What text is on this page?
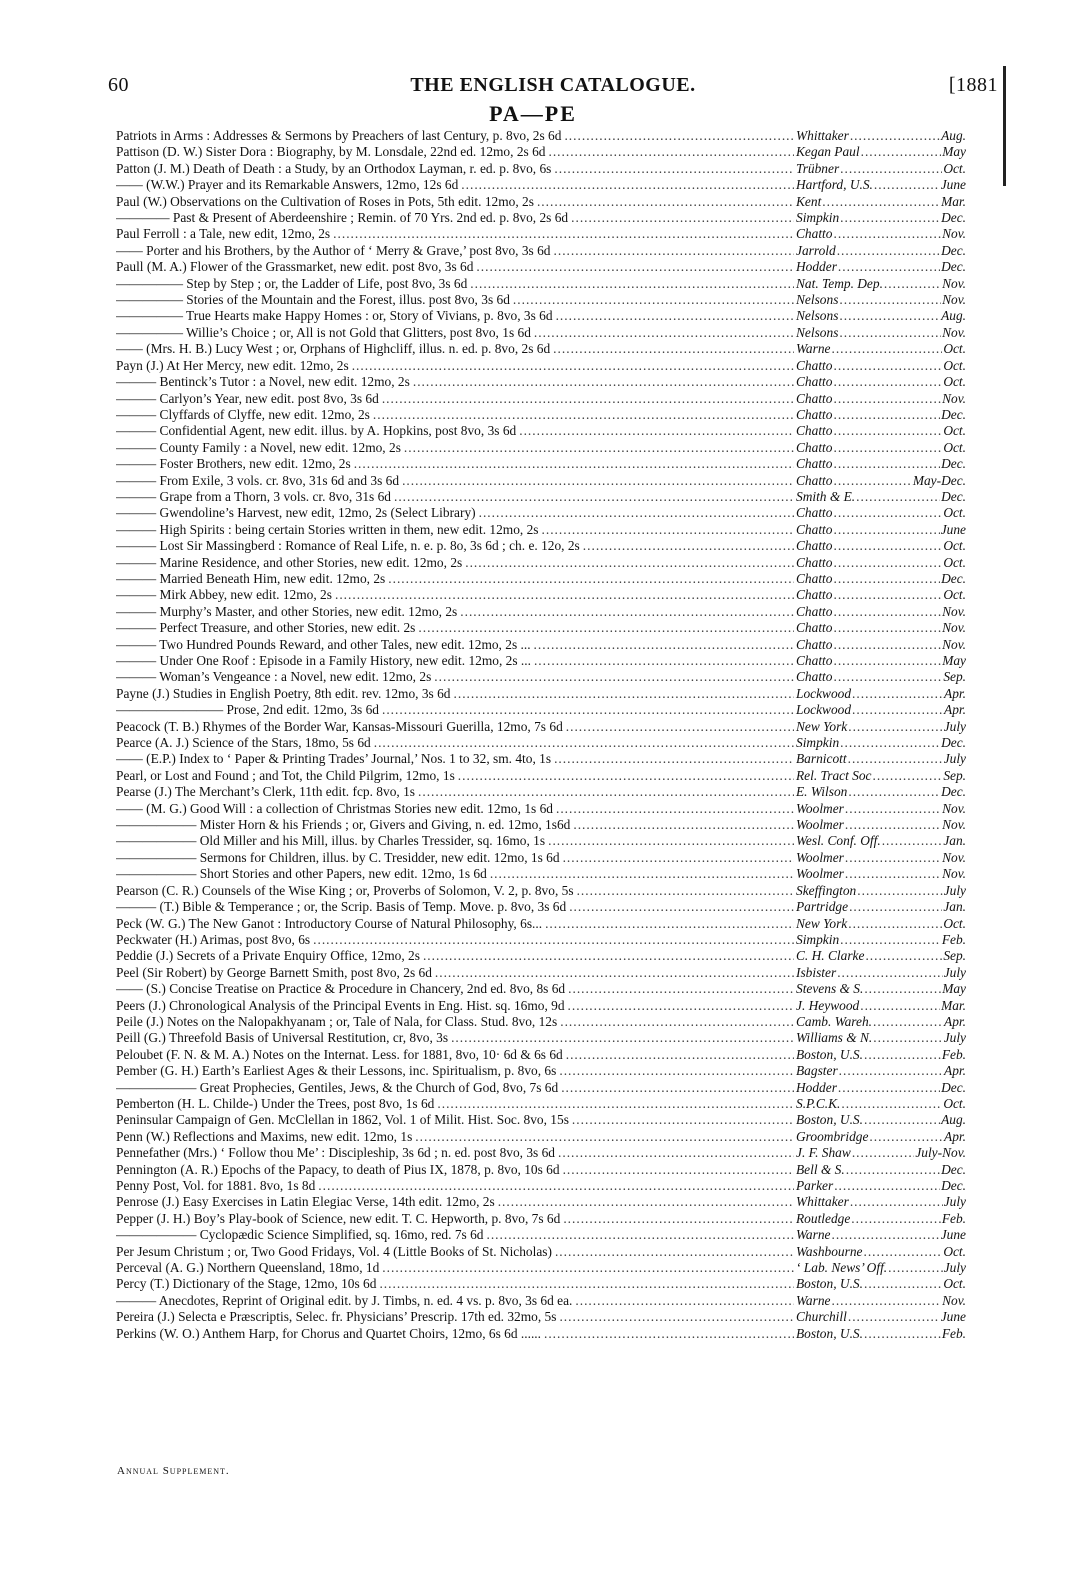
60	THE ENGLISH CATALOGUE.	[1881
PA—PE
Patriots in Arms : Addresses & Sermons by Preachers of last Century, p. 8vo, 2s 6d .....	Whittaker .....	Aug.
Pattison (D. W.) Sister Dora : Biography, by M. Lonsdale, 22nd ed. 12mo, 2s 6d .....	Kegan Paul .....	May
Patton (J. M.) Death of Death : a Study, by an Orthodox Layman, r. ed. p. 8vo, 6s .....	Trübner .....	Oct.
—— (W.W.) Prayer and its Remarkable Answers, 12mo, 12s 6d .....	Hartford, U.S. .....	June
Paul (W.) Observations on the Cultivation of Roses in Pots, 5th edit. 12mo, 2s .....	Kent .....	Mar.
———— Past & Present of Aberdeenshire ; Remin. of 70 Yrs. 2nd ed. p. 8vo, 2s 6d .....	Simpkin .....	Dec.
Paul Ferroll : a Tale, new edit, 12mo, 2s .....	Chatto .....	Nov.
—— Porter and his Brothers, by the Author of ‘ Merry & Grave,’ post 8vo, 3s 6d .....	Jarrold .....	Dec.
Paull (M. A.) Flower of the Grassmarket, new edit. post 8vo, 3s 6d .....	Hodder .....	Dec.
————— Step by Step ; or, the Ladder of Life, post 8vo, 3s 6d .....	Nat. Temp. Dep. .....	Nov.
————— Stories of the Mountain and the Forest, illus. post 8vo, 3s 6d .....	Nelsons .....	Nov.
————— True Hearts make Happy Homes : or, Story of Vivians, p. 8vo, 3s 6d .....	Nelsons .....	Aug.
————— Willie’s Choice ; or, All is not Gold that Glitters, post 8vo, 1s 6d .....	Nelsons .....	Nov.
—— (Mrs. H. B.) Lucy West ; or, Orphans of Highcliff, illus. n. ed. p. 8vo, 2s 6d .....	Warne .....	Oct.
Payn (J.) At Her Mercy, new edit. 12mo, 2s .....	Chatto .....	Oct.
——— Bentinck’s Tutor : a Novel, new edit. 12mo, 2s .....	Chatto .....	Oct.
——— Carlyon’s Year, new edit. post 8vo, 3s 6d .....	Chatto .....	Nov.
——— Clyffards of Clyffe, new edit. 12mo, 2s .....	Chatto .....	Dec.
——— Confidential Agent, new edit. illus. by A. Hopkins, post 8vo, 3s 6d .....	Chatto .....	Oct.
——— County Family : a Novel, new edit. 12mo, 2s .....	Chatto .....	Oct.
——— Foster Brothers, new edit. 12mo, 2s .....	Chatto .....	Dec.
——— From Exile, 3 vols. cr. 8vo, 31s 6d and 3s 6d .....	Chatto .....	May-Dec.
——— Grape from a Thorn, 3 vols. cr. 8vo, 31s 6d .....	Smith & E. .....	Dec.
——— Gwendoline’s Harvest, new edit, 12mo, 2s (Select Library) .....	Chatto .....	Oct.
——— High Spirits : being certain Stories written in them, new edit. 12mo, 2s .....	Chatto .....	June
——— Lost Sir Massingberd : Romance of Real Life, n. e. p. 8o, 3s 6d ; ch. e. 12o, 2s .....	Chatto .....	Oct.
——— Marine Residence, and other Stories, new edit. 12mo, 2s .....	Chatto .....	Oct.
——— Married Beneath Him, new edit. 12mo, 2s .....	Chatto .....	Dec.
——— Mirk Abbey, new edit. 12mo, 2s .....	Chatto .....	Oct.
——— Murphy’s Master, and other Stories, new edit. 12mo, 2s .....	Chatto .....	Nov.
——— Perfect Treasure, and other Stories, new edit. 2s .....	Chatto .....	Nov.
——— Two Hundred Pounds Reward, and other Tales, new edit. 12mo, 2s ... .....	Chatto .....	Nov.
——— Under One Roof : Episode in a Family History, new edit. 12mo, 2s ... .....	Chatto .....	May
——— Woman’s Vengeance : a Novel, new edit. 12mo, 2s .....	Chatto .....	Sep.
Payne (J.) Studies in English Poetry, 8th edit. rev. 12mo, 3s 6d .....	Lockwood .....	Apr.
———————— Prose, 2nd edit. 12mo, 3s 6d .....	Lockwood .....	Apr.
Peacock (T. B.) Rhymes of the Border War, Kansas-Missouri Guerilla, 12mo, 7s 6d .....	New York .....	July
Pearce (A. J.) Science of the Stars, 18mo, 5s 6d .....	Simpkin .....	Dec.
—— (E.P.) Index to ‘ Paper & Printing Trades’ Journal,’ Nos. 1 to 32, sm. 4to, 1s .....	Barnicott .....	July
Pearl, or Lost and Found ; and Tot, the Child Pilgrim, 12mo, 1s .....	Rel. Tract Soc .....	Sep.
Pearse (J.) The Merchant’s Clerk, 11th edit. fcp. 8vo, 1s .....	E. Wilson .....	Dec.
—— (M. G.) Good Will : a collection of Christmas Stories new edit. 12mo, 1s 6d .....	Woolmer .....	Nov.
—————— Mister Horn & his Friends ; or, Givers and Giving, n. ed. 12mo, 1s6d .....	Woolmer .....	Nov.
—————— Old Miller and his Mill, illus. by Charles Tressider, sq. 16mo, 1s .....	Wesl. Conf. Off. .....	Jan.
—————— Sermons for Children, illus. by C. Tresidder, new edit. 12mo, 1s 6d .....	Woolmer .....	Nov.
—————— Short Stories and other Papers, new edit. 12mo, 1s 6d .....	Woolmer .....	Nov.
Pearson (C. R.) Counsels of the Wise King ; or, Proverbs of Solomon, V. 2, p. 8vo, 5s .....	Skeffington .....	July
——— (T.) Bible & Temperance ; or, the Scrip. Basis of Temp. Move. p. 8vo, 3s 6d .....	Partridge .....	Jan.
Peck (W. G.) The New Ganot : Introductory Course of Natural Philosophy, 6s... .....	New York .....	Oct.
Peckwater (H.) Arimas, post 8vo, 6s .....	Simpkin .....	Feb.
Peddie (J.) Secrets of a Private Enquiry Office, 12mo, 2s .....	C. H. Clarke .....	Sep.
Peel (Sir Robert) by George Barnett Smith, post 8vo, 2s 6d .....	Isbister .....	July
—— (S.) Concise Treatise on Practice & Procedure in Chancery, 2nd ed. 8vo, 8s 6d .....	Stevens & S. .....	May
Peers (J.) Chronological Analysis of the Principal Events in Eng. Hist. sq. 16mo, 9d .....	J. Heywood .....	Mar.
Peile (J.) Notes on the Nalopakhyanam ; or, Tale of Nala, for Class. Stud. 8vo, 12s .....	Camb. Wareh. .....	Apr.
Peill (G.) Threefold Basis of Universal Restitution, cr, 8vo, 3s .....	Williams & N. .....	July
Peloubet (F. N. & M. A.) Notes on the Internat. Less. for 1881, 8vo, 10· 6d & 6s 6d .....	Boston, U.S. .....	Feb.
Pember (G. H.) Earth’s Earliest Ages & their Lessons, inc. Spiritualism, p. 8vo, 6s .....	Bagster .....	Apr.
—————— Great Prophecies, Gentiles, Jews, & the Church of God, 8vo, 7s 6d .....	Hodder .....	Dec.
Pemberton (H. L. Childe-) Under the Trees, post 8vo, 1s 6d .....	S.P.C.K. .....	Oct.
Peninsular Campaign of Gen. McClellan in 1862, Vol. 1 of Milit. Hist. Soc. 8vo, 15s .....	Boston, U.S. .....	Aug.
Penn (W.) Reflections and Maxims, new edit. 12mo, 1s .....	Groombridge .....	Apr.
Pennefather (Mrs.) ‘ Follow thou Me’ : Discipleship, 3s 6d ; n. ed. post 8vo, 3s 6d .....	J. F. Shaw .....	July-Nov.
Pennington (A. R.) Epochs of the Papacy, to death of Pius IX, 1878, p. 8vo, 10s 6d .....	Bell & S. .....	Dec.
Penny Post, Vol. for 1881. 8vo, 1s 8d .....	Parker .....	Dec.
Penrose (J.) Easy Exercises in Latin Elegiac Verse, 14th edit. 12mo, 2s .....	Whittaker .....	July
Pepper (J. H.) Boy’s Play-book of Science, new edit. T. C. Hepworth, p. 8vo, 7s 6d .....	Routledge .....	Feb.
—————— Cyclopædic Science Simplified, sq. 16mo, red. 7s 6d .....	Warne .....	June
Per Jesum Christum ; or, Two Good Fridays, Vol. 4 (Little Books of St. Nicholas) .....	Washbourne .....	Oct.
Perceval (A. G.) Northern Queensland, 18mo, 1d .....	‘ Lab. News’ Off. .....	July
Percy (T.) Dictionary of the Stage, 12mo, 10s 6d .....	Boston, U.S. .....	Oct.
——— Anecdotes, Reprint of Original edit. by J. Timbs, n. ed. 4 vs. p. 8vo, 3s 6d ea. .....	Warne .....	Nov.
Pereira (J.) Selecta e Præscriptis, Selec. fr. Physicians’ Prescrip. 17th ed. 32mo, 5s .....	Churchill .....	June
Perkins (W. O.) Anthem Harp, for Chorus and Quartet Choirs, 12mo, 6s 6d ...... .....	Boston, U.S. .....	Feb.
Annual Supplement.
